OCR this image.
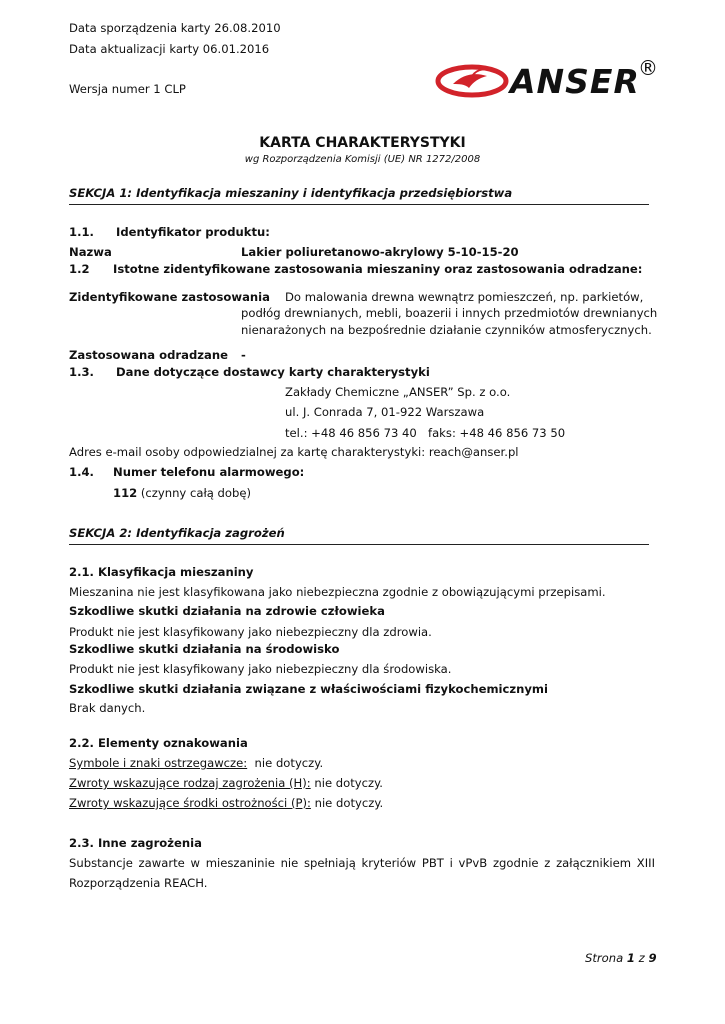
Data sporządzenia karty 26.08.2010
Data aktualizacji karty 06.01.2016
Wersja numer 1 CLP	ANSER
®
KARTA CHARAKTERYSTYKI
wg Rozporządzenia Komisji (UE) NR 1272/2008
SEKCJA 1: Identyfikacja mieszaniny i identyfikacja przedsiębiorstwa
1.1. Identyfikator produktu:
Nazwa	Lakier poliuretanowo-akrylowy 5-10-15-20
1.2 Istotne zidentyfikowane zastosowania mieszaniny oraz zastosowania odradzane:
Zidentyfikowane zastosowania Do malowania drewna wewnątrz pomieszczeń, np. parkietów,
podłóg drewnianych, mebli, boazerii i innych przedmiotów drewnianych
nienarażonych na bezpośrednie działanie czynników atmosferycznych.
Zastosowana odradzane -
1.3. Dane dotyczące dostawcy karty charakterystyki
Zakłady Chemiczne „ANSER” Sp. z o.o.
ul. J. Conrada 7, 01-922 Warszawa
tel.: +48 46 856 73 40 faks: +48 46 856 73 50
Adres e-mail osoby odpowiedzialnej za kartę charakterystyki: reach@anser.pl
1.4. Numer telefonu alarmowego:
112 (czynny całą dobę)
SEKCJA 2: Identyfikacja zagrożeń
2.1. Klasyfikacja mieszaniny
Mieszanina nie jest klasyfikowana jako niebezpieczna zgodnie z obowiązującymi przepisami.
Szkodliwe skutki działania na zdrowie człowieka
Produkt nie jest klasyfikowany jako niebezpieczny dla zdrowia.
Szkodliwe skutki działania na środowisko
Produkt nie jest klasyfikowany jako niebezpieczny dla środowiska.
Szkodliwe skutki działania związane z właściwościami fizykochemicznymi
Brak danych.
2.2. Elementy oznakowania
Symbole i znaki ostrzegawcze:  nie dotyczy.
Zwroty wskazujące rodzaj zagrożenia (H): nie dotyczy.
Zwroty wskazujące środki ostrożności (P): nie dotyczy.
2.3. Inne zagrożenia
Substancje zawarte w mieszaninie nie spełniają kryteriów PBT i vPvB zgodnie z załącznikiem XIII
Rozporządzenia REACH.
Strona 1 z 9
